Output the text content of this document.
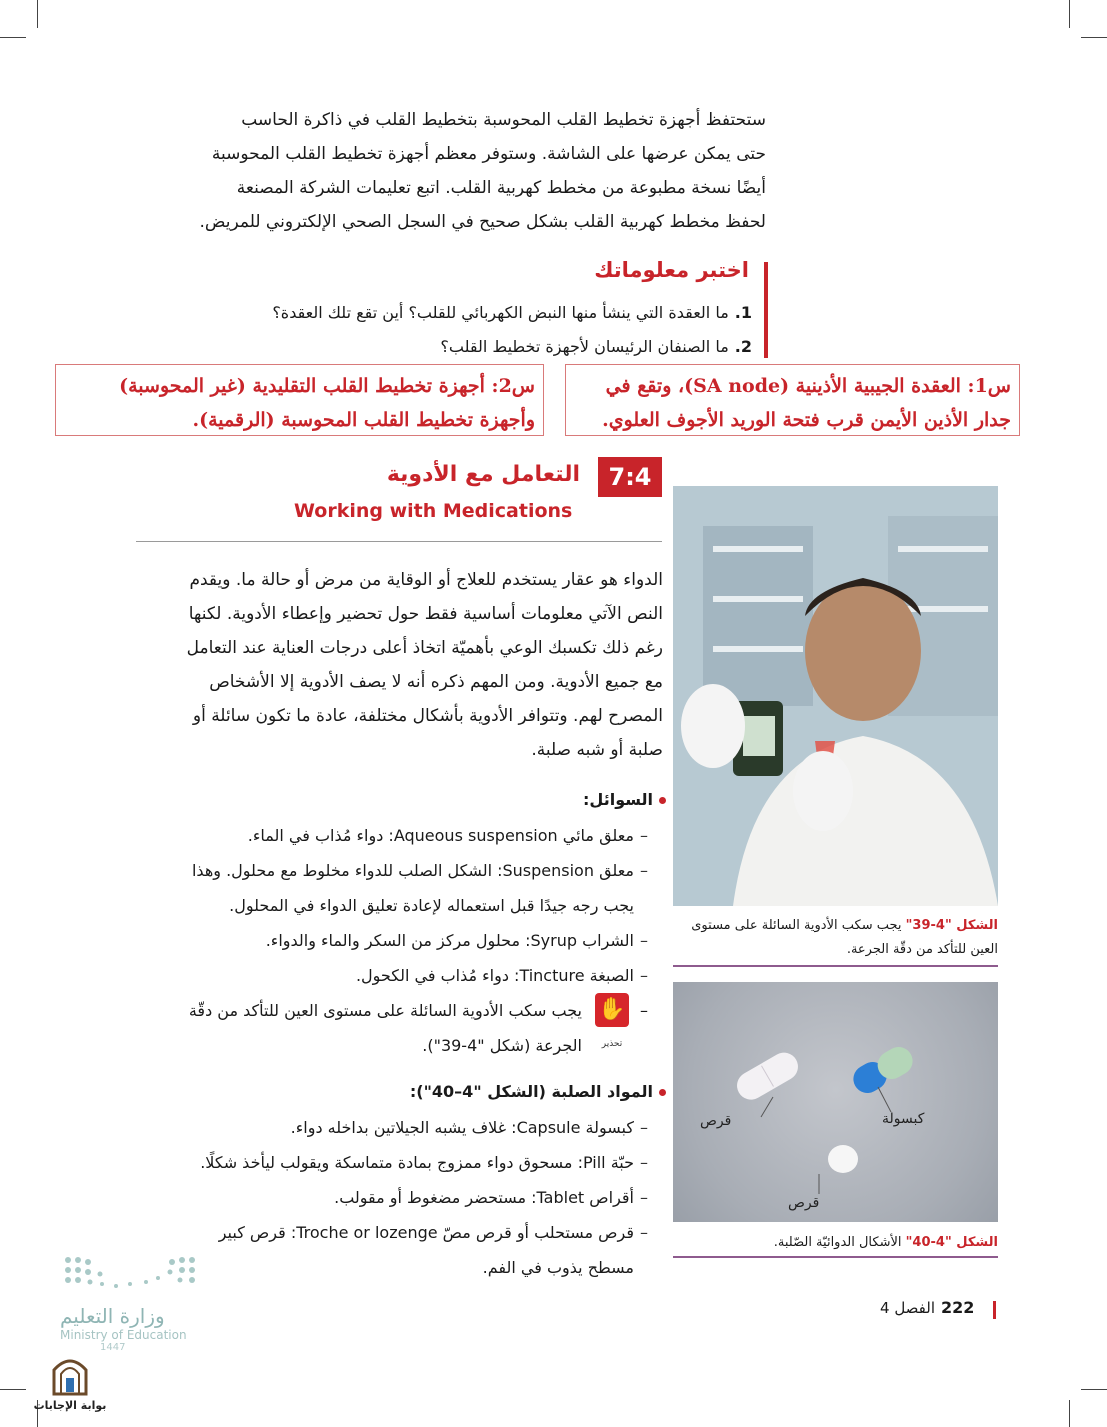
ستحتفظ أجهزة تخطيط القلب المحوسبة بتخطيط القلب في ذاكرة الحاسب

حتى يمكن عرضها على الشاشة. وستوفر معظم أجهزة تخطيط القلب المحوسبة

أيضًا نسخة مطبوعة من مخطط كهربية القلب. اتبع تعليمات الشركة المصنعة

لحفظ مخطط كهربية القلب بشكل صحيح في السجل الصحي الإلكتروني للمريض.

اختبر معلوماتك
1.ما العقدة التي ينشأ منها النبض الكهربائي للقلب؟ أين تقع تلك العقدة؟
2.ما الصنفان الرئيسان لأجهزة تخطيط القلب؟
س1: العقدة الجيبية الأذينية (SA node)، وتقع في جدار الأذين الأيمن قرب فتحة الوريد الأجوف العلوي.
س2: أجهزة تخطيط القلب التقليدية (غير المحوسبة) وأجهزة تخطيط القلب المحوسبة (الرقمية).
7:4
التعامل مع الأدوية
Working with Medications

الدواء هو عقار يستخدم للعلاج أو الوقاية من مرض أو حالة ما. ويقدم

النص الآتي معلومات أساسية فقط حول تحضير وإعطاء الأدوية. لكنها

رغم ذلك تكسبك الوعي بأهميّة اتخاذ أعلى درجات العناية عند التعامل

مع جميع الأدوية. ومن المهم ذكره أنه لا يصف الأدوية إلا الأشخاص

المصرح لهم. وتتوافر الأدوية بأشكال مختلفة، عادة ما تكون سائلة أو

صلبة أو شبه صلبة.

السوائل:
– معلق مائي Aqueous suspension: دواء مُذاب في الماء.
– معلق Suspension: الشكل الصلب للدواء مخلوط مع محلول. وهذا
يجب رجه جيدًا قبل استعماله لإعادة تعليق الدواء في المحلول.
– الشراب Syrup: محلول مركز من السكر والماء والدواء.
– الصبغة Tincture: دواء مُذاب في الكحول.
–
✋
تحذير
يجب سكب الأدوية السائلة على مستوى العين للتأكد من دقّة
الجرعة (شكل "4-39").
المواد الصلبة (الشكل "4–40"):
– كبسولة Capsule: غلاف يشبه الجيلاتين بداخله دواء.
– حبّة Pill: مسحوق دواء ممزوج بمادة متماسكة ويقولب ليأخذ شكلًا.
– أقراص Tablet: مستحضر مضغوط أو مقولب.
– قرص مستحلب أو قرص مصّ Troche or lozenge: قرص كبير
مسطح يذوب في الفم.
الشكل "4-39" يجب سكب الأدوية السائلة على مستوى العين للتأكد من دقّة الجرعة.
قرص	كبسولة
قرص
الشكل "4-40" الأشكال الدوائيّة الصّلبة.
222الفصل 4
وزارة التعليم
Ministry of Education
1447
بوابة الإجابات
